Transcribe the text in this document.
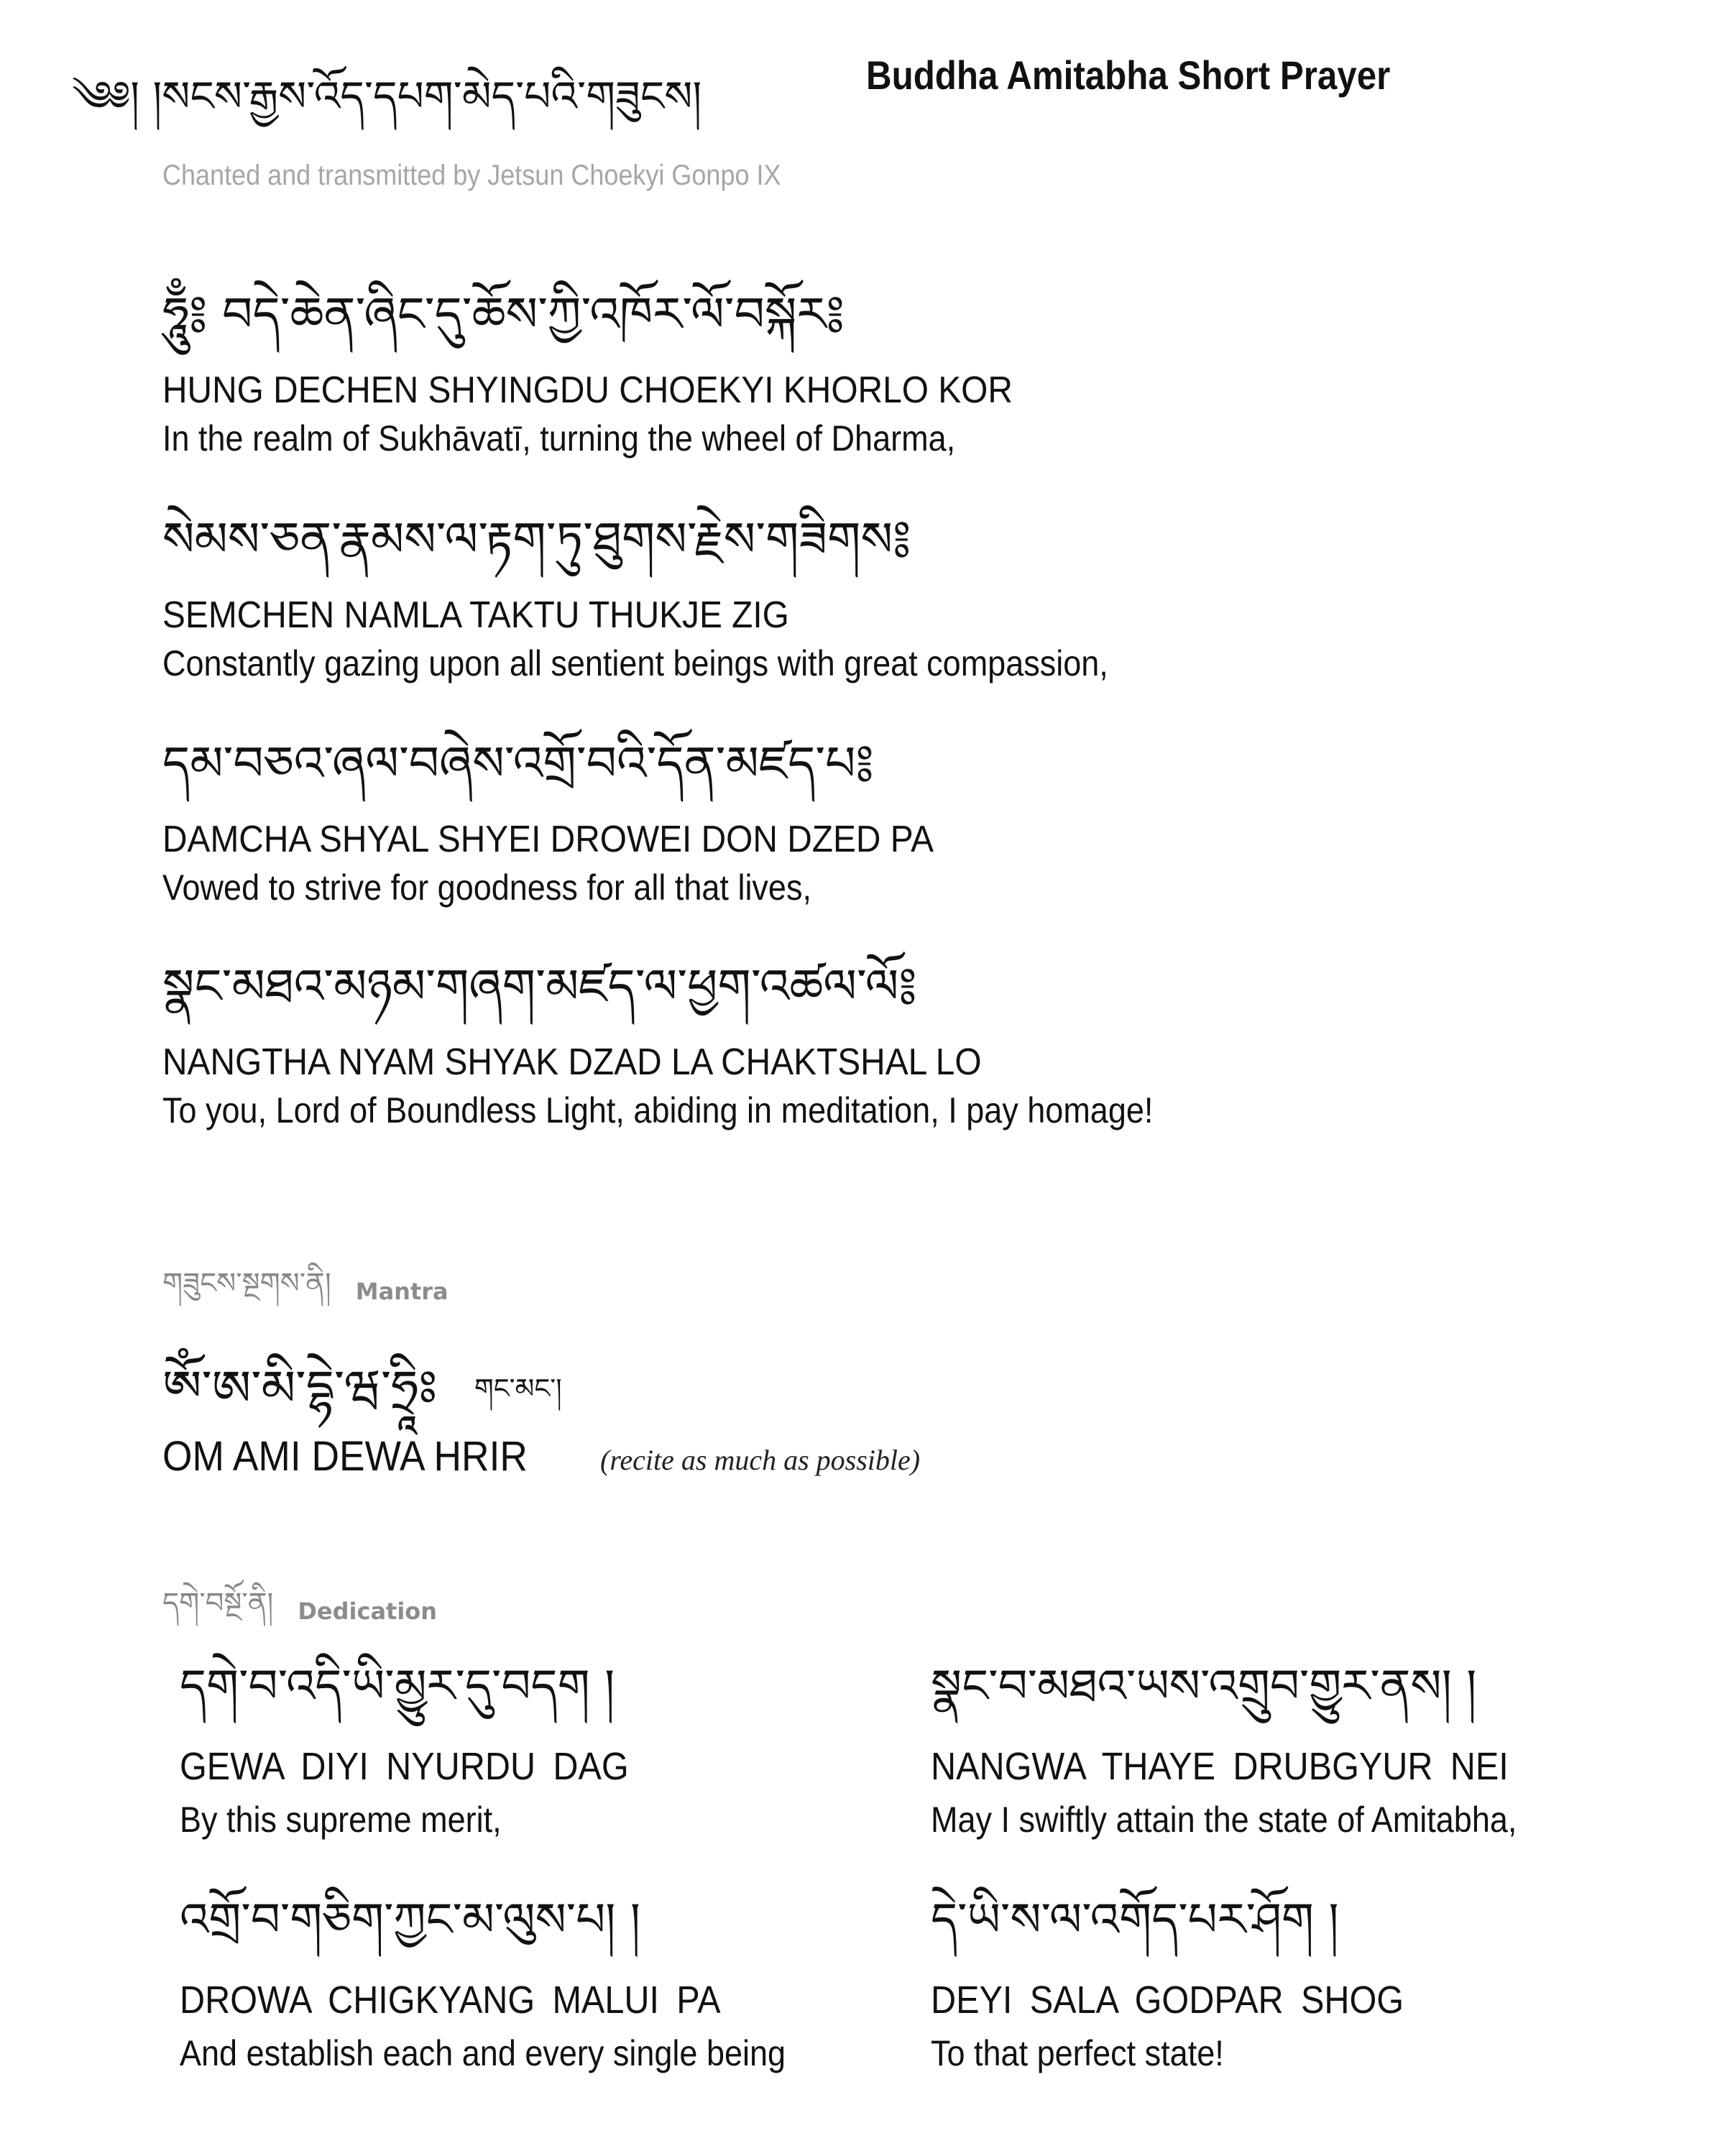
༄༅། །སངས་རྒྱས་འོད་དཔག་མེད་པའི་གཟུངས།	Buddha Amitabha Short Prayer
Chanted and transmitted by Jetsun Choekyi Gonpo IX
ཧཱུྃ༔ བདེ་ཆེན་ཞིང་དུ་ཆོས་ཀྱི་འཁོར་ལོ་བསྐོར༔
HUNG DECHEN SHYINGDU CHOEKYI KHORLO KOR
In the realm of Sukhāvatī, turning the wheel of Dharma,
སེམས་ཅན་རྣམས་ལ་རྟག་ཏུ་ཐུགས་རྗེས་གཟིགས༔
SEMCHEN NAMLA TAKTU THUKJE ZIG
Constantly gazing upon all sentient beings with great compassion,
དམ་བཅའ་ཞལ་བཞེས་འགྲོ་བའི་དོན་མཛད་པ༔
DAMCHA SHYAL SHYEI DROWEI DON DZED PA
Vowed to strive for goodness for all that lives,
སྣང་མཐའ་མཉམ་གཞག་མཛད་ལ་ཕྱག་འཚལ་ལོ༔
NANGTHA NYAM SHYAK DZAD LA CHAKTSHAL LO
To you, Lord of Boundless Light, abiding in meditation, I pay homage!
གཟུངས་སྔགས་ནི། Mantra
ཨོཾ་ཨ་མི་དྷེ་ཝ་ཧྲཱིཿ གང་མང་།
OM AMI DEWA HRIR	(recite as much as possible)
དགེ་བསྔོ་ནི། Dedication
དགེ་བ་འདི་ཡི་མྱུར་དུ་བདག །
GEWA DIYI NYURDU DAG
By this supreme merit,
སྣང་བ་མཐའ་ཡས་འགྲུབ་གྱུར་ནས། །
NANGWA THAYE DRUBGYUR NEI
May I swiftly attain the state of Amitabha,
འགྲོ་བ་གཅིག་ཀྱང་མ་ལུས་པ། །
DROWA CHIGKYANG MALUI PA
And establish each and every single being
དེ་ཡི་ས་ལ་འགོད་པར་ཤོག །
DEYI SALA GODPAR SHOG
To that perfect state!
